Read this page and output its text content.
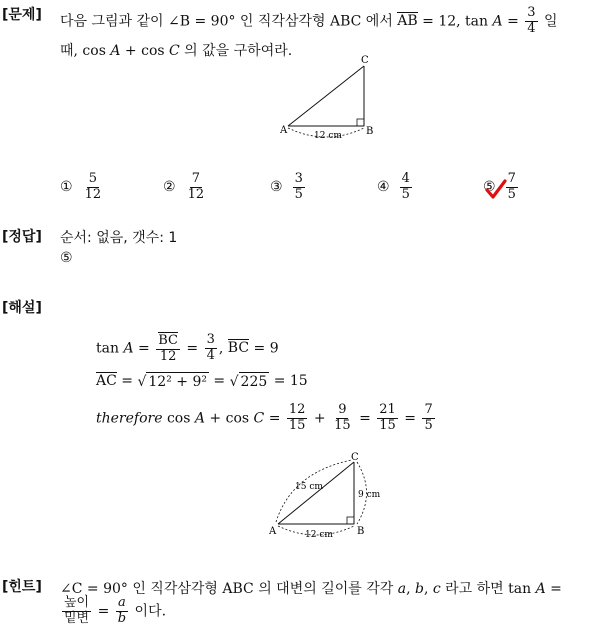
[문제] 다음 그림과 같이 ∠B = 90° 인 직각삼각형 ABC 에서 AB = 12, $\tan A = \frac{3}{4}$ 일
때, cos A + cos C 의 값을 구하여라.
A	B
C
12 cm
① $\frac{5}{12}$	② $\frac{7}{12}$	③ $\frac{3}{5}$	④ $\frac{4}{5}$	⑤ $\frac{7}{5}$
[정답] 순서: 없음, 갯수: 1
⑤
[해설]
$\tan A = \frac{BC}{12} = \frac{3}{4}$ , BC = 9
AC = √ 12² + 9² = √ 225 = 15
therefore $\cos A + \cos C = \frac{12}{15} + \frac{9}{15} = \frac{21}{15} = \frac{7}{5}$
A	B
C
12 cm
15 cm
9 cm
[힌트] ∠C = 90° 인 직각삼각형 ABC 의 대변의 길이를 각각 a, b, c 라고 하면 tan A =
$\frac{\text{높이}}{\text{밑변}} = \frac{a}{b}$ 이다.
